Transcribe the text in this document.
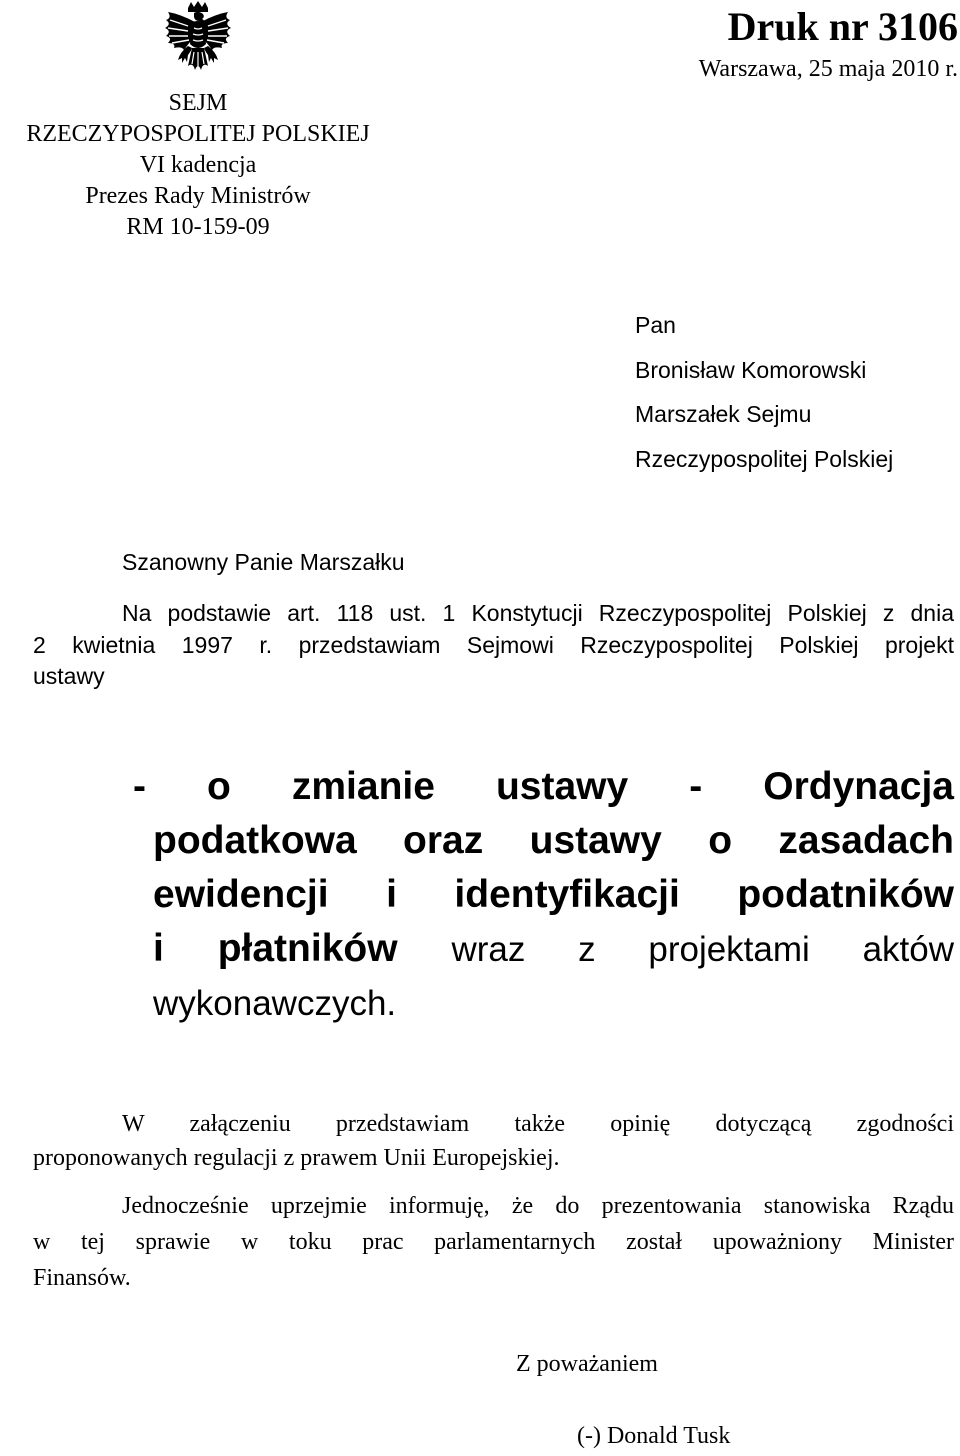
SEJM
RZECZYPOSPOLITEJ POLSKIEJ
VI kadencja
Prezes Rady Ministrów
RM 10-159-09
Druk nr 3106
Warszawa, 25 maja 2010 r.
Pan
Bronisław Komorowski
Marszałek Sejmu
Rzeczypospolitej Polskiej
Szanowny Panie Marszałku
Na podstawie art. 118 ust. 1 Konstytucji Rzeczypospolitej Polskiej z dnia
2 kwietnia 1997 r. przedstawiam Sejmowi Rzeczypospolitej Polskiej projekt
ustawy
- o zmianie ustawy - Ordynacja
podatkowa oraz ustawy o zasadach
ewidencji i identyfikacji podatników
i płatników wraz z projektami aktów
wykonawczych.
W załączeniu przedstawiam także opinię dotyczącą zgodności
proponowanych regulacji z prawem Unii Europejskiej.
Jednocześnie uprzejmie informuję, że do prezentowania stanowiska Rządu
w tej sprawie w toku prac parlamentarnych został upoważniony Minister
Finansów.
Z poważaniem
(-) Donald Tusk
